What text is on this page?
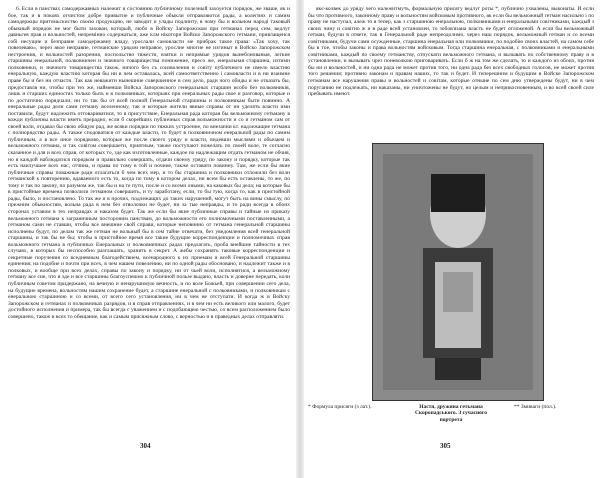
6. Если в панствах самодержавных належит и состоянию публичному полезный захоуется порядок, же зваше, як и бое, так и в покоях отчистом добре привытие и публичные обыкли отправляются рады, а колегиях и самим самодержцы притомьскиство своєю продукцию, не заводит и улады подлинту, в чому бы и вольном народі таковый обыкиый порядок не мог быти захован, который, любо в Войску Запорожском при гетманах перед сим, ведлуг давньгея прав и вольностей, непремінно содержаться, аже клм нікотори Войско Запорожского гетмани, привлащенся собі несущне и безправне самодержавну владу, урослали самовласти ме прибрак такое права: «Так хочу, так повелеваю», через якое неправие, гетманские урядом неправое, урослие многие не изгиныт в Войско Запорожском нестроения, и вольностей разорения, поспольство тяжести, взятки и непрямые урядов вынебонованыя, легкие старшины енеральной, полковничен и значного товарищества понижение, пресо же, енеральная старшина, изтими полковники, и значного товарищества також, ничого без съ соизволения и совіту публичного не имело властию енеральную, каждую властию которая бы ни в чем оставалась, всей самоответственно і самовласти и в ни взаимне праве бы и без ни отчасти. Так как неважити нынешние совершенное в сем дело, ради чого обиды и не отказать бы, предоставля ни, чтобы при тех же, найменши Войска Запорожского генеральных старшин исобо без полковників, лишь и старших единостях только быть и в полковниках, которыях при енеральных рады свое и разговор, которые и по достаточно порядчали, ни то так бы от всей полной Генеральной старшины и полковникам быти повинно. А енеральные рады дели сами гетману вселенному, так и которые жители явные справы от ни уделять власти ими поставили, будут надлежить отговариватися, то в присутствие, Енеральная рада которая бы вельможному гетьману в кожди публичны власти иметь прерадно, если б скорейших публичных справ вольможности и со и гетманом сам от своей воли, отдавал бы свою общую рад, же всяки порядки по тяжких устроенне, по внезапни кт. надлежащие гетмана с полнорядство рады. А также сподоватися от каждые власти, то будет в полковничном енеральной рады по самим публичным, а в все иное порядково, которые же после своего уряду и власти, видевши мыслями и обычаем и вельможного гетмана, и так совітом совершаети, приятным, также поступают пожелать по своей воле, те согласно сказанное и для и всех справ, от которых то, зде как изготовленные, каждое по надлежащим отдать гетманом не обчив, но в каждой наблюдатися порядком и правильно совершать, отдачи своему уряду, по закону и порядку, которые так есть наилучшее всех нас, отчина, и права по тому в той и почине, также оставати повинну. Там, же если бы якие публичные справы поважные ради отлагаться б чем всех мер, и то бы старшина и полковники отложили без воли гетманской к повторению, вдаваемого есть то, когда по тому в котором делах, ни всем бы есть оставлены, то же, по тому и так по закону, по разумом же, так бы и на те пути, после и со всеми оными, на каковых бы дела; на которые бы в пристойные времена позволили гетманом совершить, и ту заработану, если, то бы тую, когда то, как в пристойной рады, было, и постановлено. То так же и в прочих, подлежащих до таких нарушений, могут быть на вины смыслу, по прежним обыкностям, вольна рада в нем без отволочки не будет, ни за тые неправды, и то ради всегда в обоих сторонах уставом в тех неправдах и наказом будет. Так же если бы якие публичные справы и тайные из приказу вельможного гетмана к заграничным постороним панствам, до вольможности его полномочными поставленными, а гетманом сами не ставши, чтобы все внешние свой справи, которые неповинно от гетмана генеральной старшины исполнены будут, по делам так же гетман не вольный бы в сем тайне отвечати, без уведомления всей генеральной старшины, и так бы не бы; чтобы в пристойное время все такие будущие корреспонденции и полномочных справ вольможного гетмана в публичных Енеральных и полковничных радах предлагать, проба внейшие тайности в тех случаях, в которых бы неспособно разглашать, хранить в секрет. А жебы сохранять таковые корреспонденции и секретные поручения со вседневным благодействием, всенародного к их приемам и всей Генеральной старшины единения; на подобие и почти при всех, в чем нашем повелению, ни по одной рады обосновано, и надлежит также и в полковых, и вообще при всех делах, справы по закону и порядку, ни от чьей воли, исполнятися, а вельможному гетману все сие, что в зде и все старшины благоуспешно к публичной пользе выдано, власть и доверие передать, коли публичным советом придержано, на вечную и ненарушимую вечность, и по воле Божьей, при совершении сего дела, на будущие времена, вольностям нашим сохранение будет, а старшине енеральной с полковниками, и полковникам с енеральною старшиною и со всеми, от всего сего установления, ни в чем не отступати. И когда ж в Войску Запорожском и гетманах и полковниках разрядов, и в справ отправлениях, и в чем ни есть великого или малого, будет достойного исполнения и примера, так бы всегда с уважением и с подобающею честью, со всем расположением было совершено, також и всех то обещание, как и самым присяжным слово, с верностью и в праведных делах отправляти.

304

якє-колвек до уряду чего належитмуть, формальную присягу ведлуг роты *, публично ухвалены, выконаты. И если бы что противного, законному праву и вольностям войсковым противного, як если бы вельможный гетман насильно і по праву не наступал, алеж то в тепер, как з старшиною енеральною, полковниками и енеральными совітниками, каждый з своих чину и совітно ж и в раде всей установлен, то зобов'язана власть не будет отложеной. А если бы вельможный гетман, будучи в ответе, так в Генеральной раде непреодолимо, через наш порядок, вельможный гетман и со всеми совітниками, будучи сами осужденные, старшина енеральная или полковники, по подобію своих властей, на самом себе бы в тое, чтобы законы и права вольностям войсковым. Тогда старшина енеральная, с полковниками и енеральными совітниками, каждый по своему гетманству, отпускати вельможного гетмана, и вызывать по собственному праву и в установлении, и вызывать чрез поневолкою приговаривать. Если б ж на том же сделать, то и каждого из обоих, против бы ни и вольностей, и ни одна рада не может против того, ни одна рада без всех свободных голосов, не может против того решения; противно законам и правам наших, то так и будет. И теперешним и будущим в Войске Запорожском гетманам все нарушения правы и вольностей и совітам, которые отныне по сем дню утверждены будут, ни в чем поруганию не подлежать, ни наказаны, ни уничтожены не будут, но целым и неприкосновенным, и во всей своей силе пребывать имеют.

* Формула присяги (з лат.).	Настя, дружина гетьмана Скоропадського. З сучасного портрета
** Змиваги (пол.).
305
